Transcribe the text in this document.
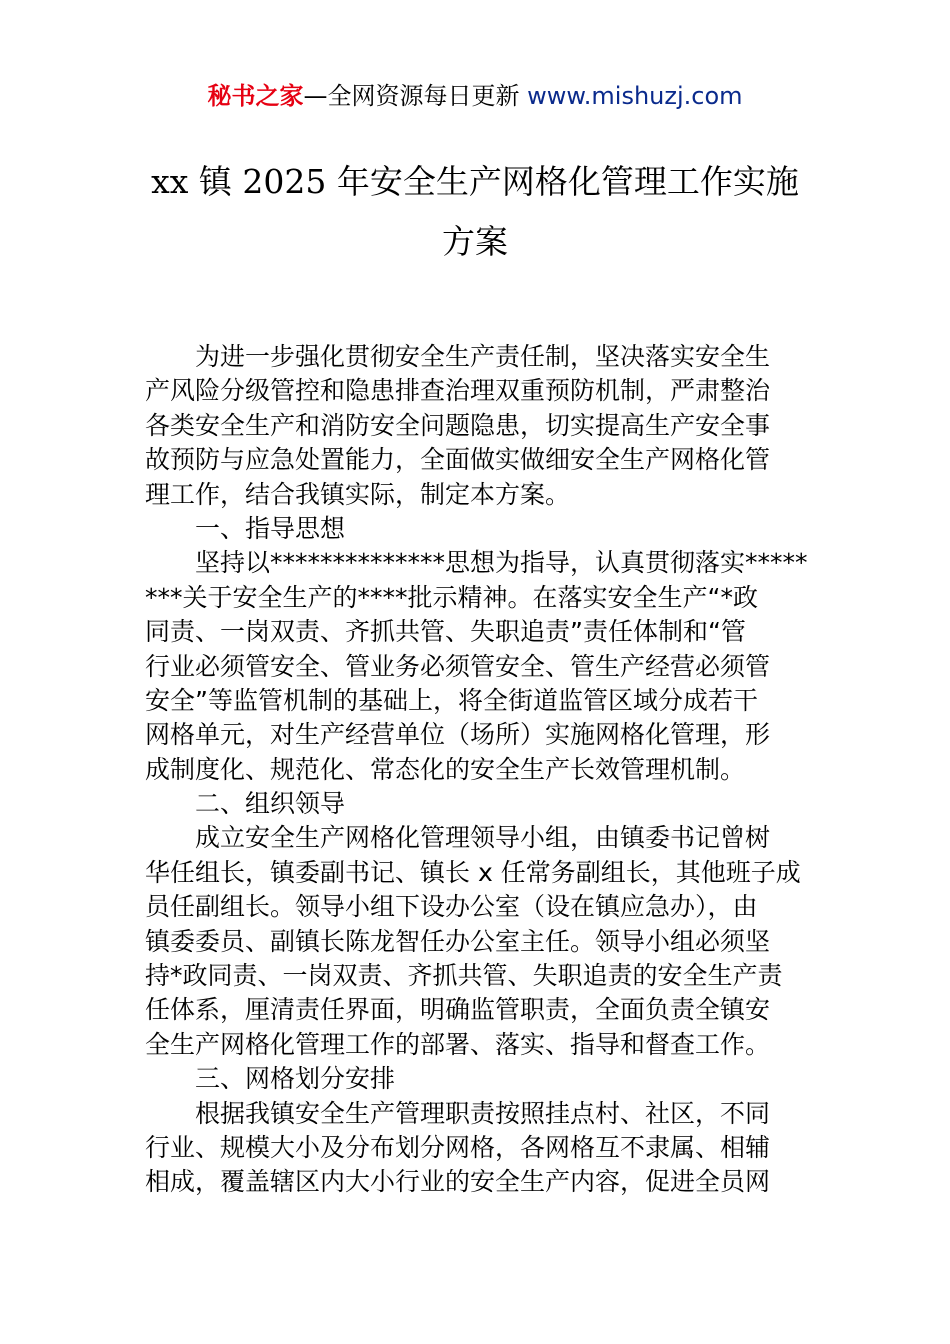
秘书之家—全网资源每日更新 www.mishuzj.com
xx 镇 2025 年安全生产网格化管理工作实施
方案
为进一步强化贯彻安全生产责任制，坚决落实安全生
产风险分级管控和隐患排查治理双重预防机制，严肃整治
各类安全生产和消防安全问题隐患，切实提高生产安全事
故预防与应急处置能力，全面做实做细安全生产网格化管
理工作，结合我镇实际，制定本方案。
一、指导思想
坚持以**************思想为指导，认真贯彻落实*****
***关于安全生产的****批示精神。在落实安全生产“*政
同责、一岗双责、齐抓共管、失职追责”责任体制和“管
行业必须管安全、管业务必须管安全、管生产经营必须管
安全”等监管机制的基础上，将全街道监管区域分成若干
网格单元，对生产经营单位（场所）实施网格化管理，形
成制度化、规范化、常态化的安全生产长效管理机制。
二、组织领导
成立安全生产网格化管理领导小组，由镇委书记曾树
华任组长，镇委副书记、镇长 x 任常务副组长，其他班子成
员任副组长。领导小组下设办公室（设在镇应急办），由
镇委委员、副镇长陈龙智任办公室主任。领导小组必须坚
持*政同责、一岗双责、齐抓共管、失职追责的安全生产责
任体系，厘清责任界面，明确监管职责，全面负责全镇安
全生产网格化管理工作的部署、落实、指导和督查工作。
三、网格划分安排
根据我镇安全生产管理职责按照挂点村、社区，不同
行业、规模大小及分布划分网格，各网格互不隶属、相辅
相成，覆盖辖区内大小行业的安全生产内容，促进全员网
